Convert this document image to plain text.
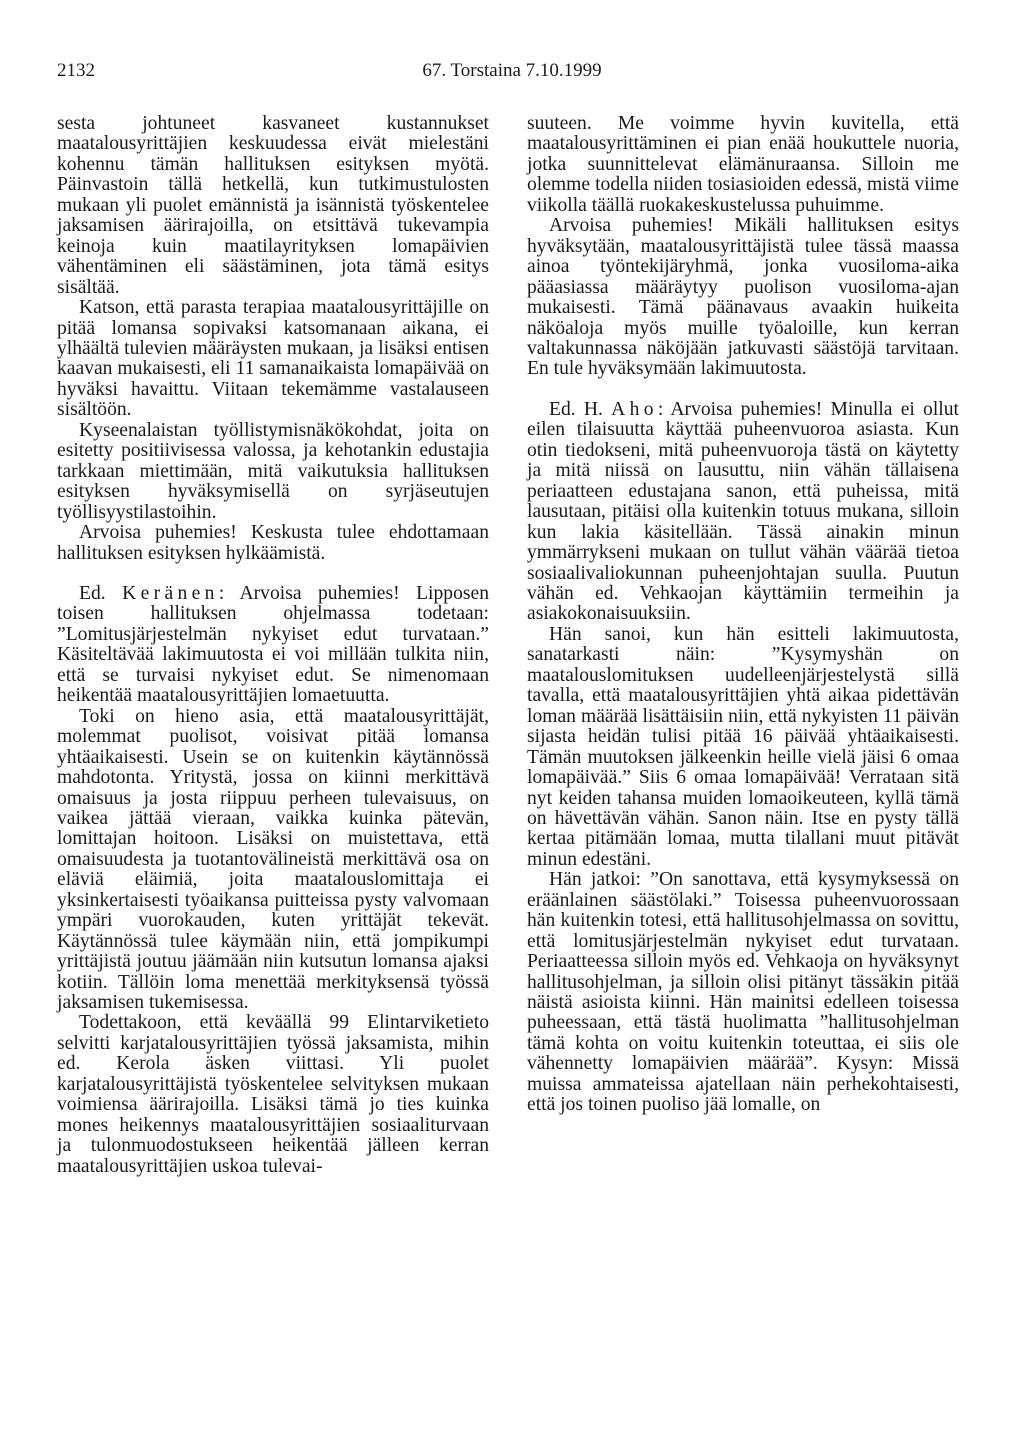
2132	67. Torstaina 7.10.1999

sesta johtuneet kasvaneet kustannukset maatalousyrittäjien keskuudessa eivät mielestäni kohennu tämän hallituksen esityksen myötä. Päinvastoin tällä hetkellä, kun tutkimustulosten mukaan yli puolet emännistä ja isännistä työskentelee jaksamisen äärirajoilla, on etsittävä tukevampia keinoja kuin maatilayrityksen lomapäivien vähentäminen eli säästäminen, jota tämä esitys sisältää.

Katson, että parasta terapiaa maatalousyrittäjille on pitää lomansa sopivaksi katsomanaan aikana, ei ylhäältä tulevien määräysten mukaan, ja lisäksi entisen kaavan mukaisesti, eli 11 samanaikaista lomapäivää on hyväksi havaittu. Viitaan tekemämme vastalauseen sisältöön.

Kyseenalaistan työllistymisnäkökohdat, joita on esitetty positiivisessa valossa, ja kehotankin edustajia tarkkaan miettimään, mitä vaikutuksia hallituksen esityksen hyväksymisellä on syrjäseutujen työllisyystilastoihin.

Arvoisa puhemies! Keskusta tulee ehdottamaan hallituksen esityksen hylkäämistä.

Ed. Keränen: Arvoisa puhemies! Lipposen toisen hallituksen ohjelmassa todetaan: ”Lomitusjärjestelmän nykyiset edut turvataan.” Käsiteltävää lakimuutosta ei voi millään tulkita niin, että se turvaisi nykyiset edut. Se nimenomaan heikentää maatalousyrittäjien lomaetuutta.

Toki on hieno asia, että maatalousyrittäjät, molemmat puolisot, voisivat pitää lomansa yhtäaikaisesti. Usein se on kuitenkin käytännössä mahdotonta. Yritystä, jossa on kiinni merkittävä omaisuus ja josta riippuu perheen tulevaisuus, on vaikea jättää vieraan, vaikka kuinka pätevän, lomittajan hoitoon. Lisäksi on muistettava, että omaisuudesta ja tuotantovälineistä merkittävä osa on eläviä eläimiä, joita maatalouslomittaja ei yksinkertaisesti työaikansa puitteissa pysty valvomaan ympäri vuorokauden, kuten yrittäjät tekevät. Käytännössä tulee käymään niin, että jompikumpi yrittäjistä joutuu jäämään niin kutsutun lomansa ajaksi kotiin. Tällöin loma menettää merkityksensä työssä jaksamisen tukemisessa.

Todettakoon, että keväällä 99 Elintarviketieto selvitti karjatalousyrittäjien työssä jaksamista, mihin ed. Kerola äsken viittasi. Yli puolet karjatalousyrittäjistä työskentelee selvityksen mukaan voimiensa äärirajoilla. Lisäksi tämä jo ties kuinka mones heikennys maatalousyrittäjien sosiaaliturvaan ja tulonmuodostukseen heikentää jälleen kerran maatalousyrittäjien uskoa tulevai-

suuteen. Me voimme hyvin kuvitella, että maatalousyrittäminen ei pian enää houkuttele nuoria, jotka suunnittelevat elämänuraansa. Silloin me olemme todella niiden tosiasioiden edessä, mistä viime viikolla täällä ruokakeskustelussa puhuimme.

Arvoisa puhemies! Mikäli hallituksen esitys hyväksytään, maatalousyrittäjistä tulee tässä maassa ainoa työntekijäryhmä, jonka vuosiloma-aika pääasiassa määräytyy puolison vuosiloma-ajan mukaisesti. Tämä päänavaus avaakin huikeita näköaloja myös muille työaloille, kun kerran valtakunnassa näköjään jatkuvasti säästöjä tarvitaan. En tule hyväksymään lakimuutosta.

Ed. H. Aho: Arvoisa puhemies! Minulla ei ollut eilen tilaisuutta käyttää puheenvuoroa asiasta. Kun otin tiedokseni, mitä puheenvuoroja tästä on käytetty ja mitä niissä on lausuttu, niin vähän tällaisena periaatteen edustajana sanon, että puheissa, mitä lausutaan, pitäisi olla kuitenkin totuus mukana, silloin kun lakia käsitellään. Tässä ainakin minun ymmärrykseni mukaan on tullut vähän väärää tietoa sosiaalivaliokunnan puheenjohtajan suulla. Puutun vähän ed. Vehkaojan käyttämiin termeihin ja asiakokonaisuuksiin.

Hän sanoi, kun hän esitteli lakimuutosta, sanatarkasti näin: ”Kysymyshän on maatalouslomituksen uudelleenjärjestelystä sillä tavalla, että maatalousyrittäjien yhtä aikaa pidettävän loman määrää lisättäisiin niin, että nykyisten 11 päivän sijasta heidän tulisi pitää 16 päivää yhtäaikaisesti. Tämän muutoksen jälkeenkin heille vielä jäisi 6 omaa lomapäivää.” Siis 6 omaa lomapäivää! Verrataan sitä nyt keiden tahansa muiden lomaoikeuteen, kyllä tämä on hävettävän vähän. Sanon näin. Itse en pysty tällä kertaa pitämään lomaa, mutta tilallani muut pitävät minun edestäni.

Hän jatkoi: ”On sanottava, että kysymyksessä on eräänlainen säästölaki.” Toisessa puheenvuorossaan hän kuitenkin totesi, että hallitusohjelmassa on sovittu, että lomitusjärjestelmän nykyiset edut turvataan. Periaatteessa silloin myös ed. Vehkaoja on hyväksynyt hallitusohjelman, ja silloin olisi pitänyt tässäkin pitää näistä asioista kiinni. Hän mainitsi edelleen toisessa puheessaan, että tästä huolimatta ”hallitusohjelman tämä kohta on voitu kuitenkin toteuttaa, ei siis ole vähennetty lomapäivien määrää”. Kysyn: Missä muissa ammateissa ajatellaan näin perhekohtaisesti, että jos toinen puoliso jää lomalle, on
